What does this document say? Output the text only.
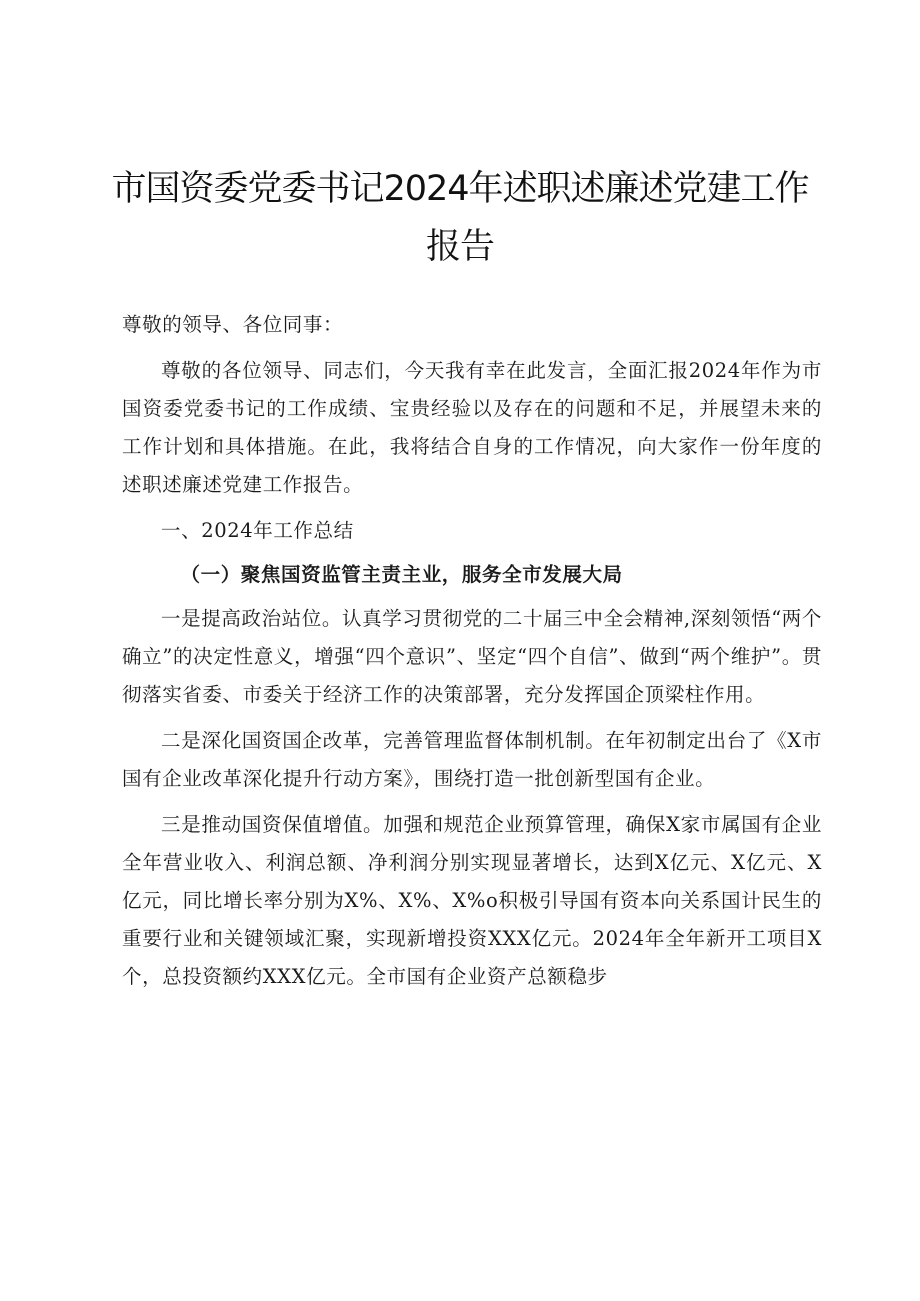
市国资委党委书记2024年述职述廉述党建工作报告

尊敬的领导、各位同事：

尊敬的各位领导、同志们，今天我有幸在此发言，全面汇报2024年作为市国资委党委书记的工作成绩、宝贵经验以及存在的问题和不足，并展望未来的工作计划和具体措施。在此，我将结合自身的工作情况，向大家作一份年度的述职述廉述党建工作报告。

一、2024年工作总结

（一）聚焦国资监管主责主业，服务全市发展大局

一是提高政治站位。认真学习贯彻党的二十届三中全会精神,深刻领悟“两个确立”的决定性意义，增强“四个意识”、坚定“四个自信”、做到“两个维护”。贯彻落实省委、市委关于经济工作的决策部署，充分发挥国企顶梁柱作用。

二是深化国资国企改革，完善管理监督体制机制。在年初制定出台了《X市国有企业改革深化提升行动方案》，围绕打造一批创新型国有企业。

三是推动国资保值增值。加强和规范企业预算管理，确保X家市属国有企业全年营业收入、利润总额、净利润分别实现显著增长，达到X亿元、X亿元、X亿元，同比增长率分别为X%、X%、X%o积极引导国有资本向关系国计民生的重要行业和关键领域汇聚，实现新增投资XXX亿元。2024年全年新开工项目X个，总投资额约XXX亿元。全市国有企业资产总额稳步
